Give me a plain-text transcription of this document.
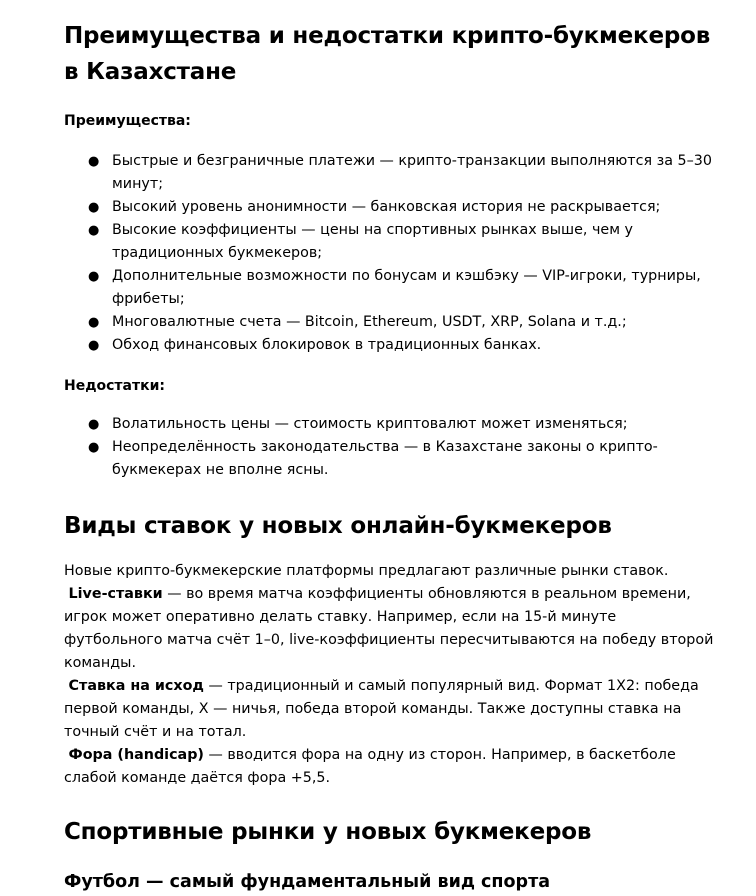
Преимущества и недостатки крипто-букмекеров в Казахстане

Преимущества:

● Быстрые и безграничные платежи — крипто-транзакции выполняются за 5–30 минут;
● Высокий уровень анонимности — банковская история не раскрывается;
● Высокие коэффициенты — цены на спортивных рынках выше, чем у традиционных букмекеров;
● Дополнительные возможности по бонусам и кэшбэку — VIP-игроки, турниры, фрибеты;
● Многовалютные счета — Bitcoin, Ethereum, USDT, XRP, Solana и т.д.;
● Обход финансовых блокировок в традиционных банках.

Недостатки:

● Волатильность цены — стоимость криптовалют может изменяться;
● Неопределённость законодательства — в Казахстане законы о крипто-букмекерах не вполне ясны.
Виды ставок у новых онлайн-букмекеров

Новые крипто-букмекерские платформы предлагают различные рынки ставок.
Live-ставки — во время матча коэффициенты обновляются в реальном времени, игрок может оперативно делать ставку. Например, если на 15-й минуте футбольного матча счёт 1–0, live-коэффициенты пересчитываются на победу второй команды.
Ставка на исход — традиционный и самый популярный вид. Формат 1X2: победа первой команды, X — ничья, победа второй команды. Также доступны ставка на точный счёт и на тотал.
Фора (handicap) — вводится фора на одну из сторон. Например, в баскетболе слабой команде даётся фора +5,5.

Спортивные рынки у новых букмекеров
Футбол — самый фундаментальный вид спорта
